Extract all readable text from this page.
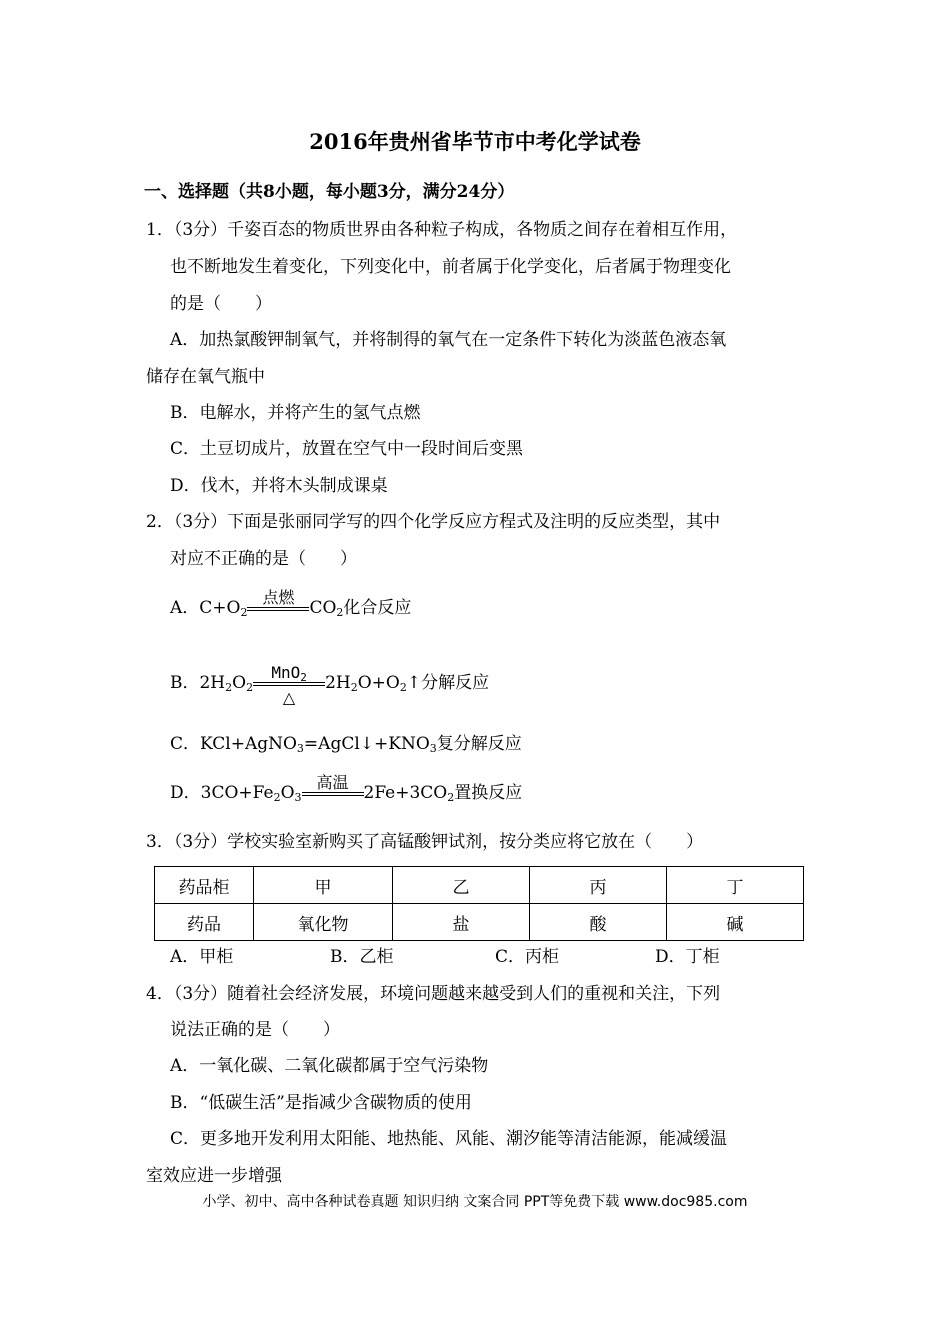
2016年贵州省毕节市中考化学试卷
一、选择题（共8小题，每小题3分，满分24分）
1．（3分）千姿百态的物质世界由各种粒子构成，各物质之间存在着相互作用，
也不断地发生着变化，下列变化中，前者属于化学变化，后者属于物理变化
的是（　　）
A．加热氯酸钾制氧气，并将制得的氧气在一定条件下转化为淡蓝色液态氧
储存在氧气瓶中
B．电解水，并将产生的氢气点燃
C．土豆切成片，放置在空气中一段时间后变黑
D．伐木，并将木头制成课桌
2．（3分）下面是张丽同学写的四个化学反应方程式及注明的反应类型，其中
对应不正确的是（　　）
A．$C+O_2$
点燃
$CO_2$化合反应
B．$2H_2O_2$
MnO$_2$
△
$2H_2O+O_2↑$分解反应
C．$KCl+AgNO_3=AgCl↓+KNO_3$复分解反应
D．$3CO+Fe_2O_3$
高温
$2Fe+3CO_2$置换反应
3．（3分）学校实验室新购买了高锰酸钾试剂，按分类应将它放在（　　）
药品柜	甲	乙	丙	丁
药品	氧化物	盐	酸	碱
A．甲柜	B．乙柜	C．丙柜	D．丁柜
4．（3分）随着社会经济发展，环境问题越来越受到人们的重视和关注，下列
说法正确的是（　　）
A．一氧化碳、二氧化碳都属于空气污染物
B．“低碳生活”是指减少含碳物质的使用
C．更多地开发利用太阳能、地热能、风能、潮汐能等清洁能源，能减缓温
室效应进一步增强
小学、初中、高中各种试卷真题 知识归纳 文案合同 PPT等免费下载 www.doc985.com
